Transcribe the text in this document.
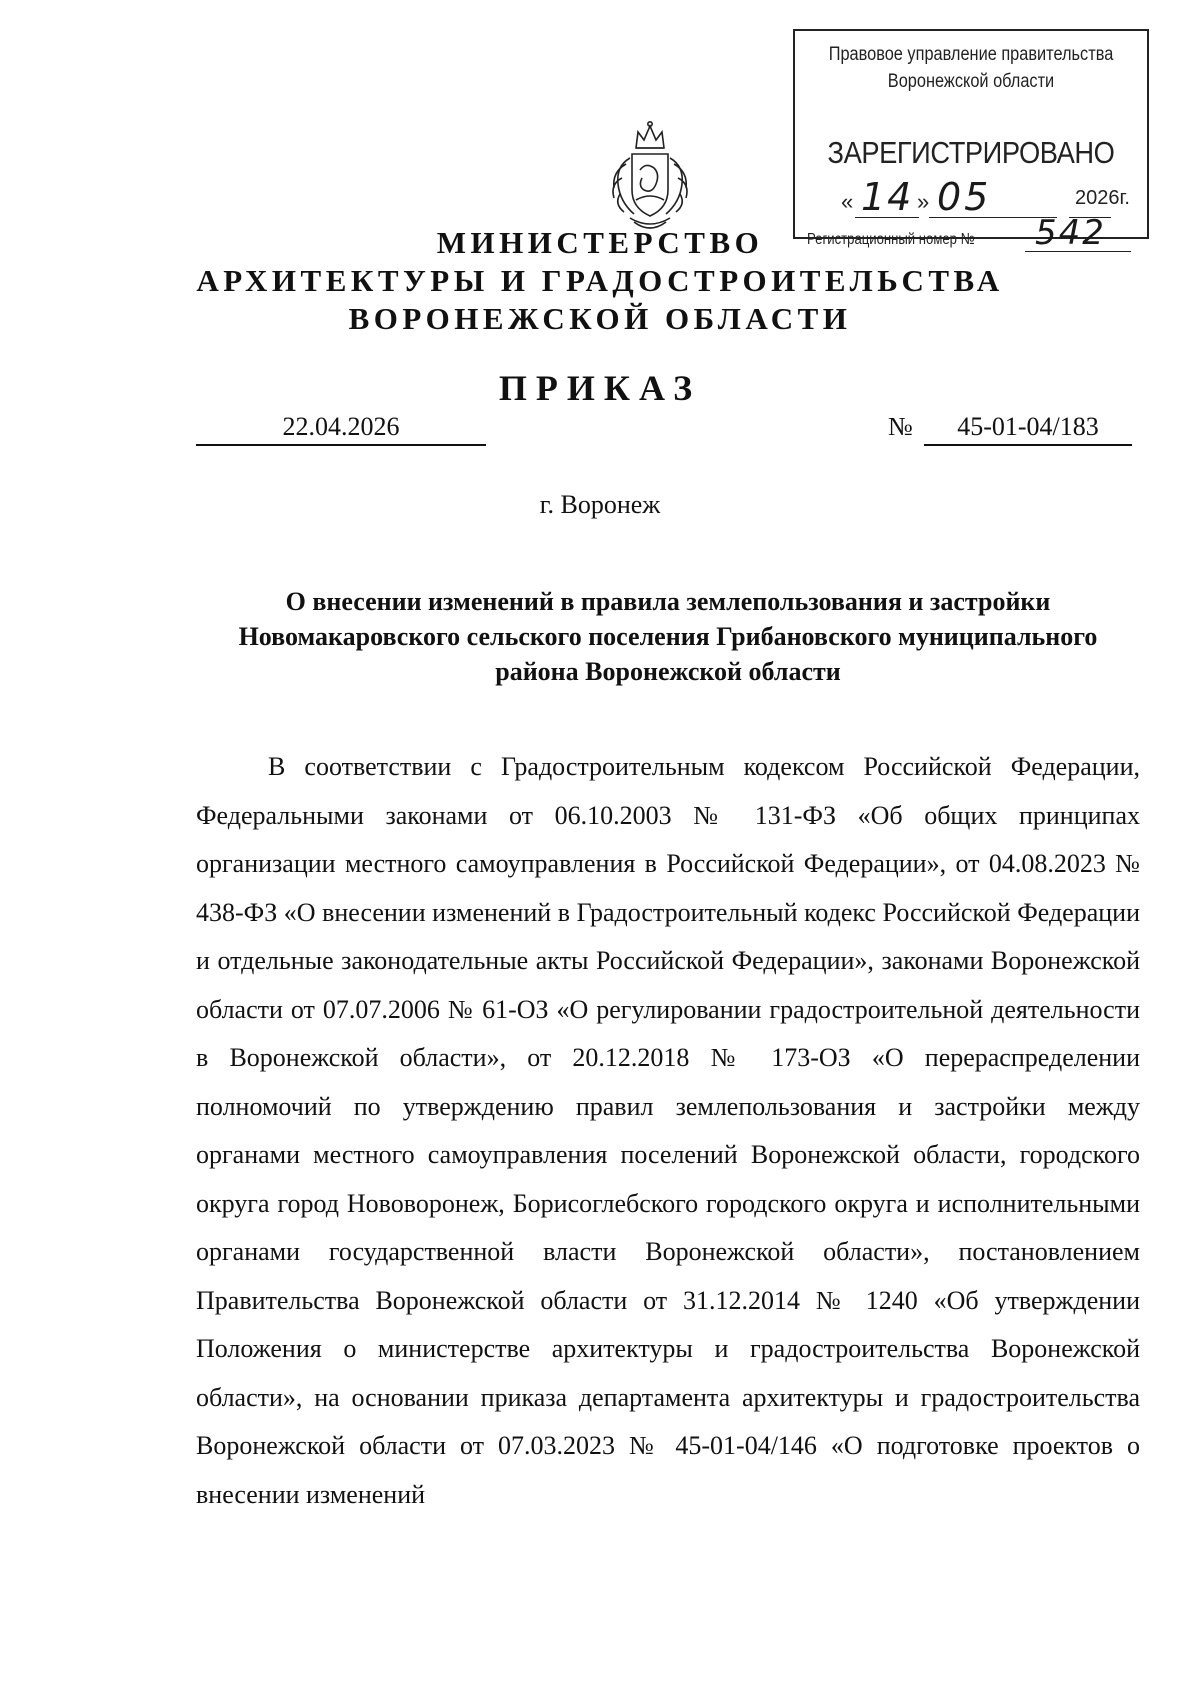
Правовое управление правительства
Воронежской области
ЗАРЕГИСТРИРОВАНО
« 14 » 05	2026г.
Регистрационный номер № 542
МИНИСТЕРСТВО
АРХИТЕКТУРЫ И ГРАДОСТРОИТЕЛЬСТВА
ВОРОНЕЖСКОЙ ОБЛАСТИ
ПРИКАЗ
22.04.2026	№	45-01-04/183
г. Воронеж
О внесении изменений в правила землепользования и застройки Новомакаровского сельского поселения Грибановского муниципального района Воронежской области

В соответствии с Градостроительным кодексом Российской Федерации, Федеральными законами от 06.10.2003 № 131-ФЗ «Об общих принципах организации местного самоуправления в Российской Федерации», от 04.08.2023 № 438-ФЗ «О внесении изменений в Градостроительный кодекс Российской Федерации и отдельные законодательные акты Российской Федерации», законами Воронежской области от 07.07.2006 № 61-ОЗ «О регулировании градостроительной деятельности в Воронежской области», от 20.12.2018 № 173-ОЗ «О перераспределении полномочий по утверждению правил землепользования и застройки между органами местного самоуправления поселений Воронежской области, городского округа город Нововоронеж, Борисоглебского городского округа и исполнительными органами государственной власти Воронежской области», постановлением Правительства Воронежской области от 31.12.2014 № 1240 «Об утверждении Положения о министерстве архитектуры и градостроительства Воронежской области», на основании приказа департамента архитектуры и градостроительства Воронежской области от 07.03.2023 № 45-01-04/146 «О подготовке проектов о внесении изменений
